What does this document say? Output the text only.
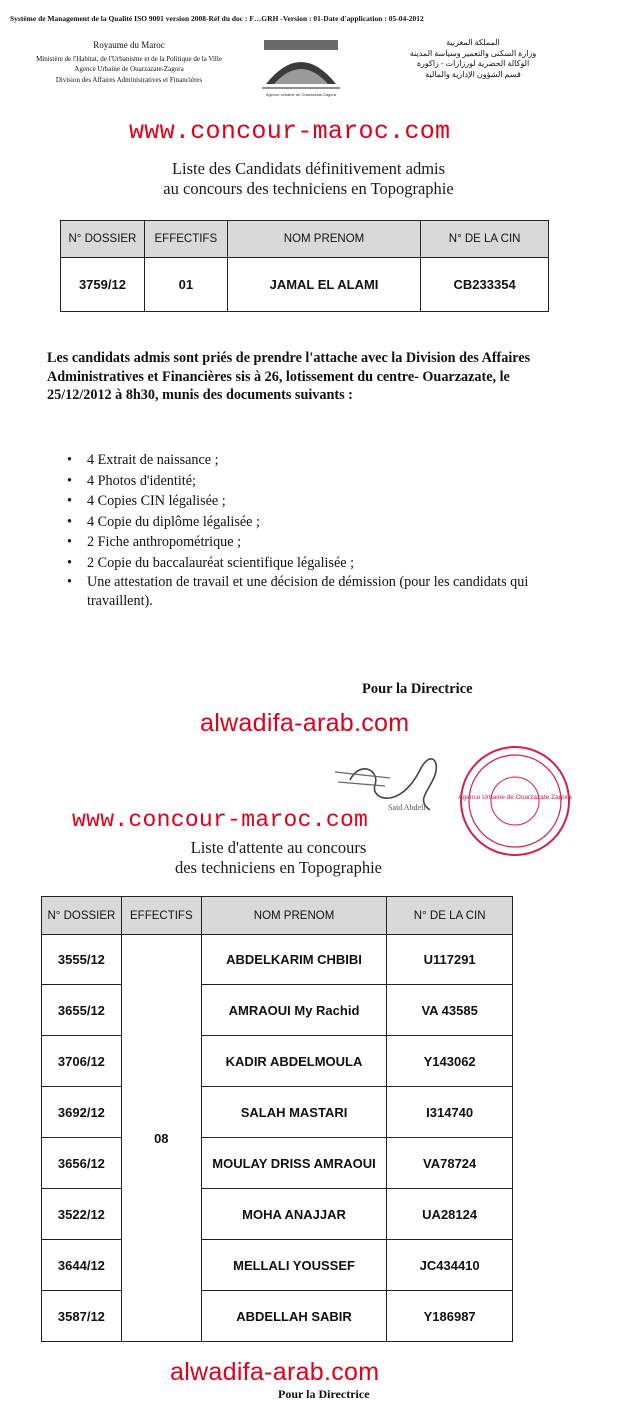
Système de Management de la Qualité ISO 9001 version 2008-Réf du doc : F…GRH -Version : 01-Date d'application : 05-04-2012
Royaume du Maroc
Ministère de l'Habitat, de l'Urbanisme et de la Politique de la Ville
Agence Urbaine de Ouarzazate-Zagora
Division des Affaires Administratives et Financières
Agence Urbaine de Ouarzazate-Zagora
المملكة المغربية
وزارة السكنى والتعمير وسياسة المدينة
الوكالة الحضرية لورزازات - زاكورة
قسم الشؤون الإدارية والمالية
www.concour-maroc.com
Liste des Candidats définitivement admis
au concours des techniciens en Topographie
N° DOSSIER	EFFECTIFS	NOM PRENOM	N° DE LA CIN
3759/12	01	JAMAL EL ALAMI	CB233354
Les candidats admis sont priés de prendre l'attache avec la Division des Affaires Administratives et Financières sis à 26, lotissement du centre- Ouarzazate, le 25/12/2012 à 8h30, munis des documents suivants :
• 4 Extrait de naissance ;
• 4 Photos d'identité;
• 4 Copies CIN légalisée ;
• 4 Copie du diplôme légalisée ;
• 2 Fiche anthropométrique ;
• 2 Copie du baccalauréat scientifique légalisée ;
• Une attestation de travail et une décision de démission (pour les candidats qui travaillent).
Pour la Directrice
Said Abdeli
Agence Urbaine de Ouarzazate Zagora
alwadifa-arab.com
www.concour-maroc.com
Liste d'attente au concours
des techniciens en Topographie
N° DOSSIER	EFFECTIFS	NOM PRENOM	N° DE LA CIN
3555/12	08	ABDELKARIM CHBIBI	U117291
3655/12		AMRAOUI My Rachid	VA 43585
3706/12		KADIR ABDELMOULA	Y143062
3692/12		SALAH MASTARI	I314740
3656/12		MOULAY DRISS AMRAOUI	VA78724
3522/12		MOHA ANAJJAR	UA28124
3644/12		MELLALI YOUSSEF	JC434410
3587/12		ABDELLAH SABIR	Y186987
alwadifa-arab.com
Pour la Directrice
